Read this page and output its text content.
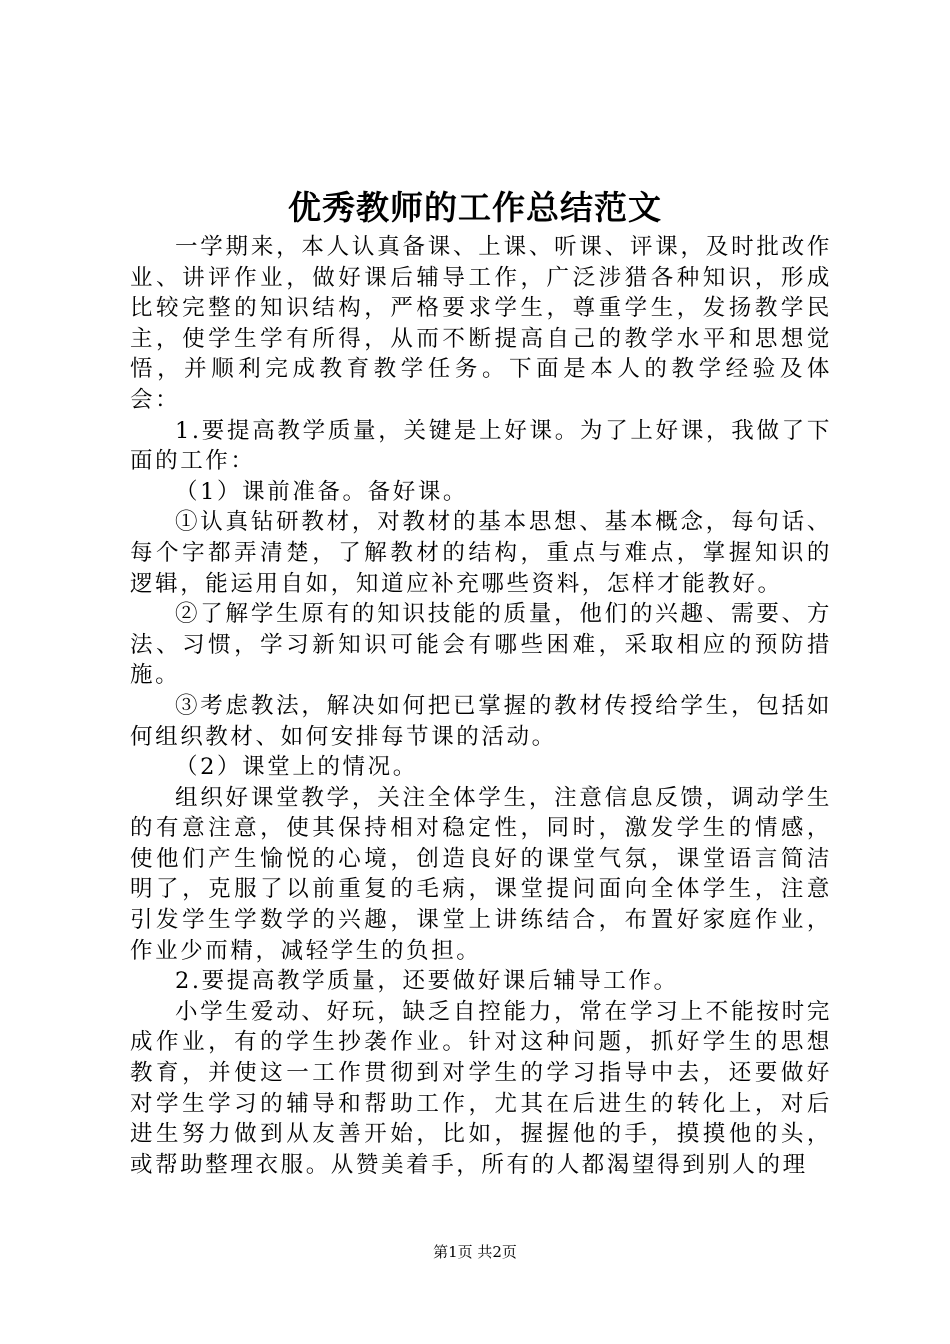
优秀教师的工作总结范文

一学期来，本人认真备课、上课、听课、评课，及时批改作业、讲评作业，做好课后辅导工作，广泛涉猎各种知识，形成比较完整的知识结构，严格要求学生，尊重学生，发扬教学民主，使学生学有所得，从而不断提高自己的教学水平和思想觉悟，并顺利完成教育教学任务。下面是本人的教学经验及体会：

1.要提高教学质量，关键是上好课。为了上好课，我做了下面的工作：

（1）课前准备。备好课。

①认真钻研教材，对教材的基本思想、基本概念，每句话、每个字都弄清楚，了解教材的结构，重点与难点，掌握知识的逻辑，能运用自如，知道应补充哪些资料，怎样才能教好。

②了解学生原有的知识技能的质量，他们的兴趣、需要、方法、习惯，学习新知识可能会有哪些困难，采取相应的预防措施。

③考虑教法，解决如何把已掌握的教材传授给学生，包括如何组织教材、如何安排每节课的活动。

（2）课堂上的情况。

组织好课堂教学，关注全体学生，注意信息反馈，调动学生的有意注意，使其保持相对稳定性，同时，激发学生的情感，使他们产生愉悦的心境，创造良好的课堂气氛，课堂语言简洁明了，克服了以前重复的毛病，课堂提问面向全体学生，注意引发学生学数学的兴趣，课堂上讲练结合，布置好家庭作业，作业少而精，减轻学生的负担。

2.要提高教学质量，还要做好课后辅导工作。

小学生爱动、好玩，缺乏自控能力，常在学习上不能按时完成作业，有的学生抄袭作业。针对这种问题，抓好学生的思想教育，并使这一工作贯彻到对学生的学习指导中去，还要做好对学生学习的辅导和帮助工作，尤其在后进生的转化上，对后进生努力做到从友善开始，比如，握握他的手，摸摸他的头，或帮助整理衣服。从赞美着手，所有的人都渴望得到别人的理

第1页 共2页
